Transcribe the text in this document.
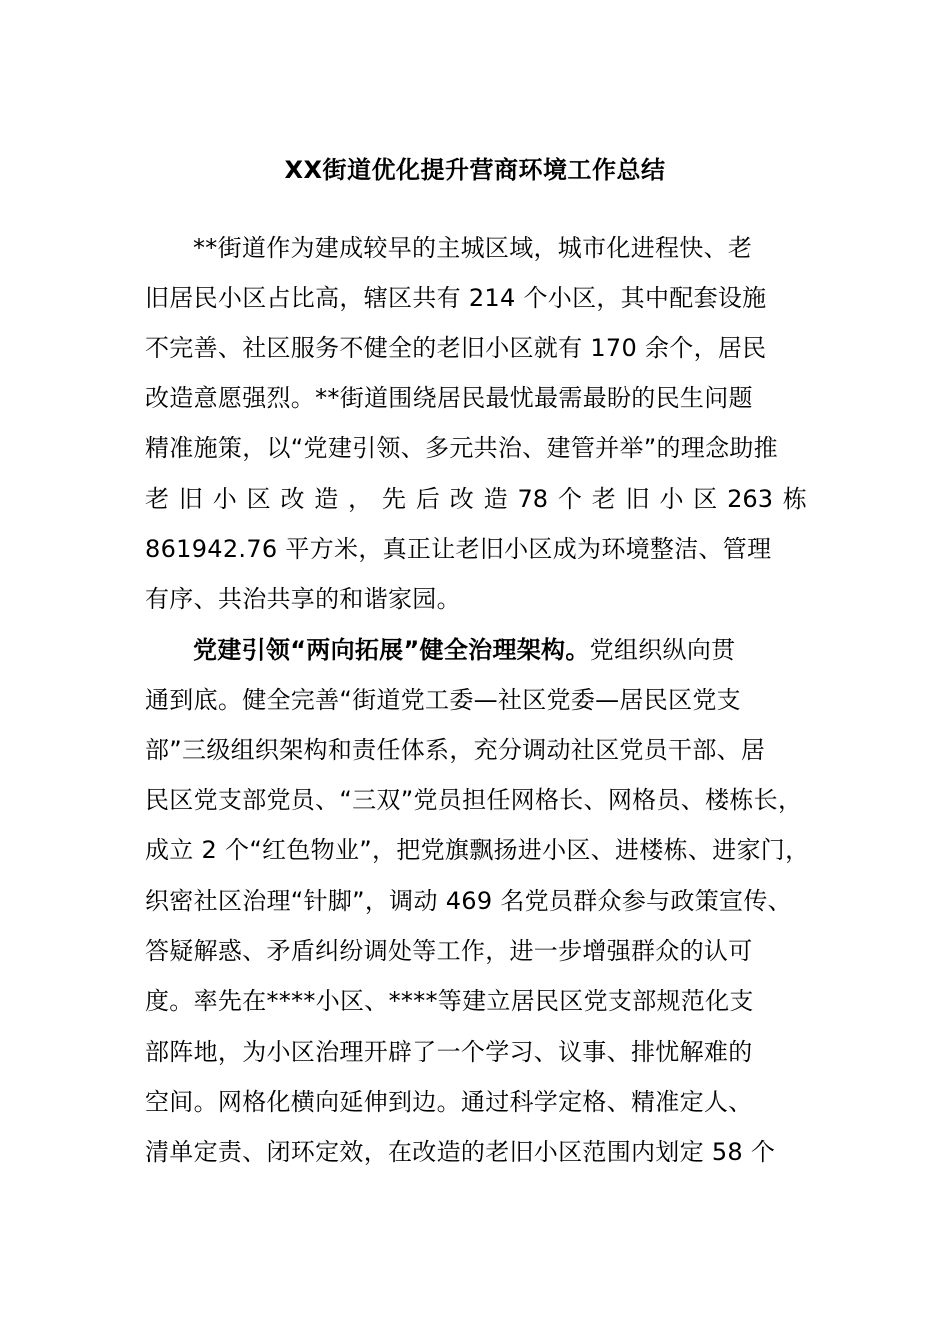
XX街道优化提升营商环境工作总结
**街道作为建成较早的主城区域，城市化进程快、老
旧居民小区占比高，辖区共有 214 个小区，其中配套设施
不完善、社区服务不健全的老旧小区就有 170 余个，居民
改造意愿强烈。**街道围绕居民最忧最需最盼的民生问题
精准施策，以“党建引领、多元共治、建管并举”的理念助推
老 旧 小 区 改 造 ， 先 后 改 造 78 个 老 旧 小 区 263 栋
861942.76 平方米，真正让老旧小区成为环境整洁、管理
有序、共治共享的和谐家园。
党建引领“两向拓展”健全治理架构。党组织纵向贯
通到底。健全完善“街道党工委—社区党委—居民区党支
部”三级组织架构和责任体系，充分调动社区党员干部、居
民区党支部党员、“三双”党员担任网格长、网格员、楼栋长，
成立 2 个“红色物业”，把党旗飘扬进小区、进楼栋、进家门，
织密社区治理“针脚”，调动 469 名党员群众参与政策宣传、
答疑解惑、矛盾纠纷调处等工作，进一步增强群众的认可
度。率先在****小区、****等建立居民区党支部规范化支
部阵地，为小区治理开辟了一个学习、议事、排忧解难的
空间。网格化横向延伸到边。通过科学定格、精准定人、
清单定责、闭环定效，在改造的老旧小区范围内划定 58 个
